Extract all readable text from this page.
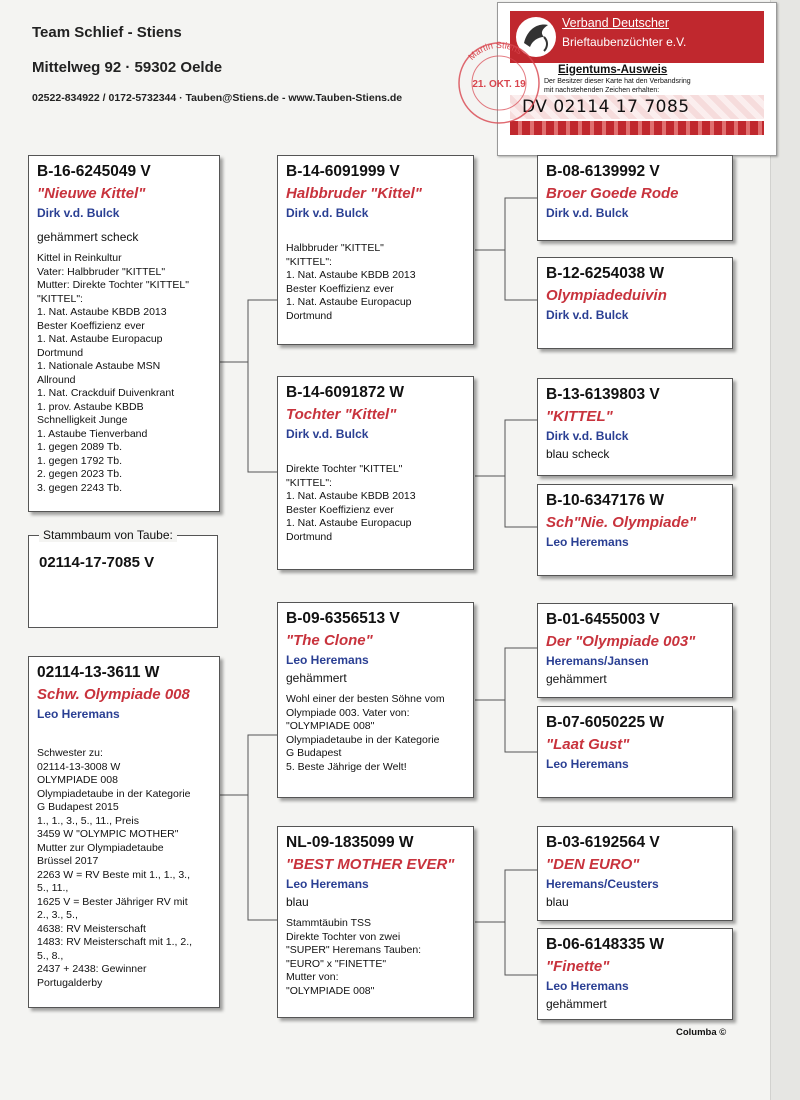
Team Schlief - Stiens
Mittelweg 92 · 59302 Oelde
02522-834922 / 0172-5732344 · Tauben@Stiens.de - www.Tauben-Stiens.de
Verband Deutscher
Brieftaubenzüchter e.V.
Eigentums-Ausweis
Der Besitzer dieser Karte hat den Verbandsring
mit nachstehenden Zeichen erhalten:
DV 02114 17 7085
Martin Stiens
21. OKT. 19
B-16-6245049 V
"Nieuwe Kittel"
Dirk v.d. Bulck
gehämmert scheck
Kittel in Reinkultur
Vater: Halbbruder "KITTEL"
Mutter: Direkte Tochter "KITTEL"
"KITTEL":
1. Nat. Astaube KBDB 2013
Bester Koeffizienz ever
1. Nat. Astaube Europacup
Dortmund
1. Nationale Astaube MSN
Allround
1. Nat. Crackduif Duivenkrant
1. prov. Astaube KBDB
Schnelligkeit Junge
1. Astaube Tienverband
1. gegen 2089 Tb.
1. gegen 1792 Tb.
2. gegen 2023 Tb.
3. gegen 2243 Tb.
Stammbaum von Taube:
02114-17-7085 V
02114-13-3611 W
Schw. Olympiade 008
Leo Heremans
Schwester zu:
02114-13-3008 W
OLYMPIADE 008
Olympiadetaube in der Kategorie
G Budapest 2015
1., 1., 3., 5., 11., Preis
3459 W "OLYMPIC MOTHER"
Mutter zur Olympiadetaube
Brüssel 2017
2263 W = RV Beste mit 1., 1., 3.,
5., 11.,
1625 V = Bester Jähriger RV mit
2., 3., 5.,
4638: RV Meisterschaft
1483: RV Meisterschaft mit 1., 2.,
5., 8.,
2437 + 2438: Gewinner
Portugalderby
B-14-6091999 V
Halbbruder "Kittel"
Dirk v.d. Bulck
Halbbruder "KITTEL"
"KITTEL":
1. Nat. Astaube KBDB 2013
Bester Koeffizienz ever
1. Nat. Astaube Europacup
Dortmund
B-14-6091872 W
Tochter "Kittel"
Dirk v.d. Bulck
Direkte Tochter "KITTEL"
"KITTEL":
1. Nat. Astaube KBDB 2013
Bester Koeffizienz ever
1. Nat. Astaube Europacup
Dortmund
B-09-6356513 V
"The Clone"
Leo Heremans
gehämmert
Wohl einer der besten Söhne vom
Olympiade 003. Vater von:
"OLYMPIADE 008"
Olympiadetaube in der Kategorie
G Budapest
5. Beste Jährige der Welt!
NL-09-1835099 W
"BEST MOTHER EVER"
Leo Heremans
blau
Stammtäubin TSS
Direkte Tochter von zwei
"SUPER" Heremans Tauben:
"EURO" x "FINETTE"
Mutter von:
"OLYMPIADE 008"
B-08-6139992 V
Broer Goede Rode
Dirk v.d. Bulck
B-12-6254038 W
Olympiadeduivin
Dirk v.d. Bulck
B-13-6139803 V
"KITTEL"
Dirk v.d. Bulck
blau scheck
B-10-6347176 W
Sch"Nie. Olympiade"
Leo Heremans
B-01-6455003 V
Der "Olympiade 003"
Heremans/Jansen
gehämmert
B-07-6050225 W
"Laat Gust"
Leo Heremans
B-03-6192564 V
"DEN EURO"
Heremans/Ceusters
blau
B-06-6148335 W
"Finette"
Leo Heremans
gehämmert
Columba ©
